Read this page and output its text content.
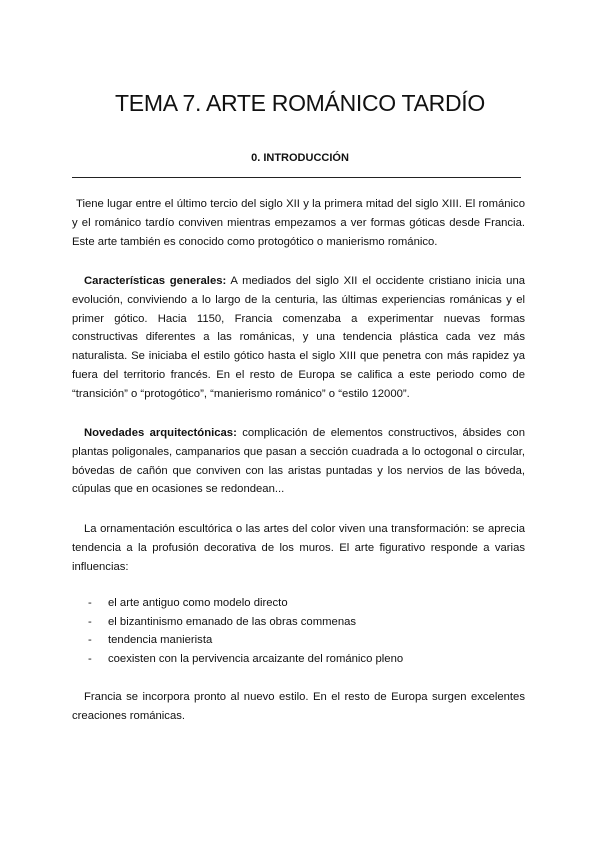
TEMA 7. ARTE ROMÁNICO TARDÍO
0. INTRODUCCIÓN

Tiene lugar entre el último tercio del siglo XII y la primera mitad del siglo XIII. El románico y el románico tardío conviven mientras empezamos a ver formas góticas desde Francia. Este arte también es conocido como protogótico o manierismo románico.

Características generales: A mediados del siglo XII el occidente cristiano inicia una evolución, conviviendo a lo largo de la centuria, las últimas experiencias románicas y el primer gótico. Hacia 1150, Francia comenzaba a experimentar nuevas formas constructivas diferentes a las románicas, y una tendencia plástica cada vez más naturalista. Se iniciaba el estilo gótico hasta el siglo XIII que penetra con más rapidez ya fuera del territorio francés. En el resto de Europa se califica a este periodo como de “transición” o “protogótico”, “manierismo románico” o “estilo 12000”.

Novedades arquitectónicas: complicación de elementos constructivos, ábsides con plantas poligonales, campanarios que pasan a sección cuadrada a lo octogonal o circular, bóvedas de cañón que conviven con las aristas puntadas y los nervios de las bóveda, cúpulas que en ocasiones se redondean...

La ornamentación escultórica o las artes del color viven una transformación: se aprecia tendencia a la profusión decorativa de los muros. El arte figurativo responde a varias influencias:

-	el arte antiguo como modelo directo
-	el bizantinismo emanado de las obras commenas
-	tendencia manierista
-	coexisten con la pervivencia arcaizante del románico pleno

Francia se incorpora pronto al nuevo estilo. En el resto de Europa surgen excelentes creaciones románicas.
